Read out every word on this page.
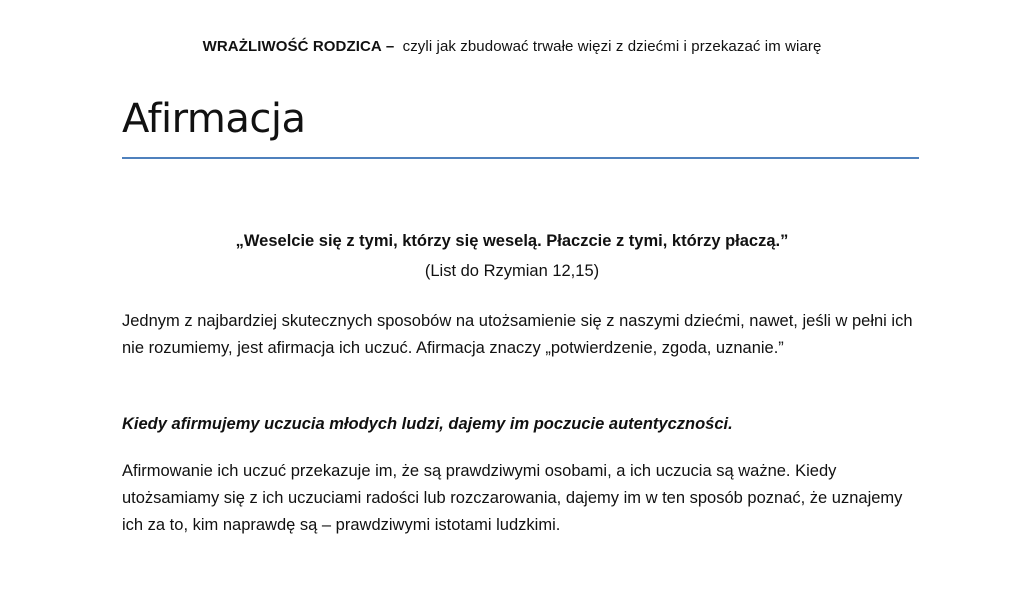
WRAŻLIWOŚĆ RODZICA – czyli jak zbudować trwałe więzi z dziećmi i przekazać im wiarę
Afirmacja
„Weselcie się z tymi, którzy się weselą. Płaczcie z tymi, którzy płaczą.”
(List do Rzymian 12,15)
Jednym z najbardziej skutecznych sposobów na utożsamienie się z naszymi dziećmi, nawet, jeśli w pełni ich nie rozumiemy, jest afirmacja ich uczuć. Afirmacja znaczy „potwierdzenie, zgoda, uznanie.”
Kiedy afirmujemy uczucia młodych ludzi, dajemy im poczucie autentyczności.
Afirmowanie ich uczuć przekazuje im, że są prawdziwymi osobami, a ich uczucia są ważne. Kiedy utożsamiamy się z ich uczuciami radości lub rozczarowania, dajemy im w ten sposób poznać, że uznajemy ich za to, kim naprawdę są – prawdziwymi istotami ludzkimi.
